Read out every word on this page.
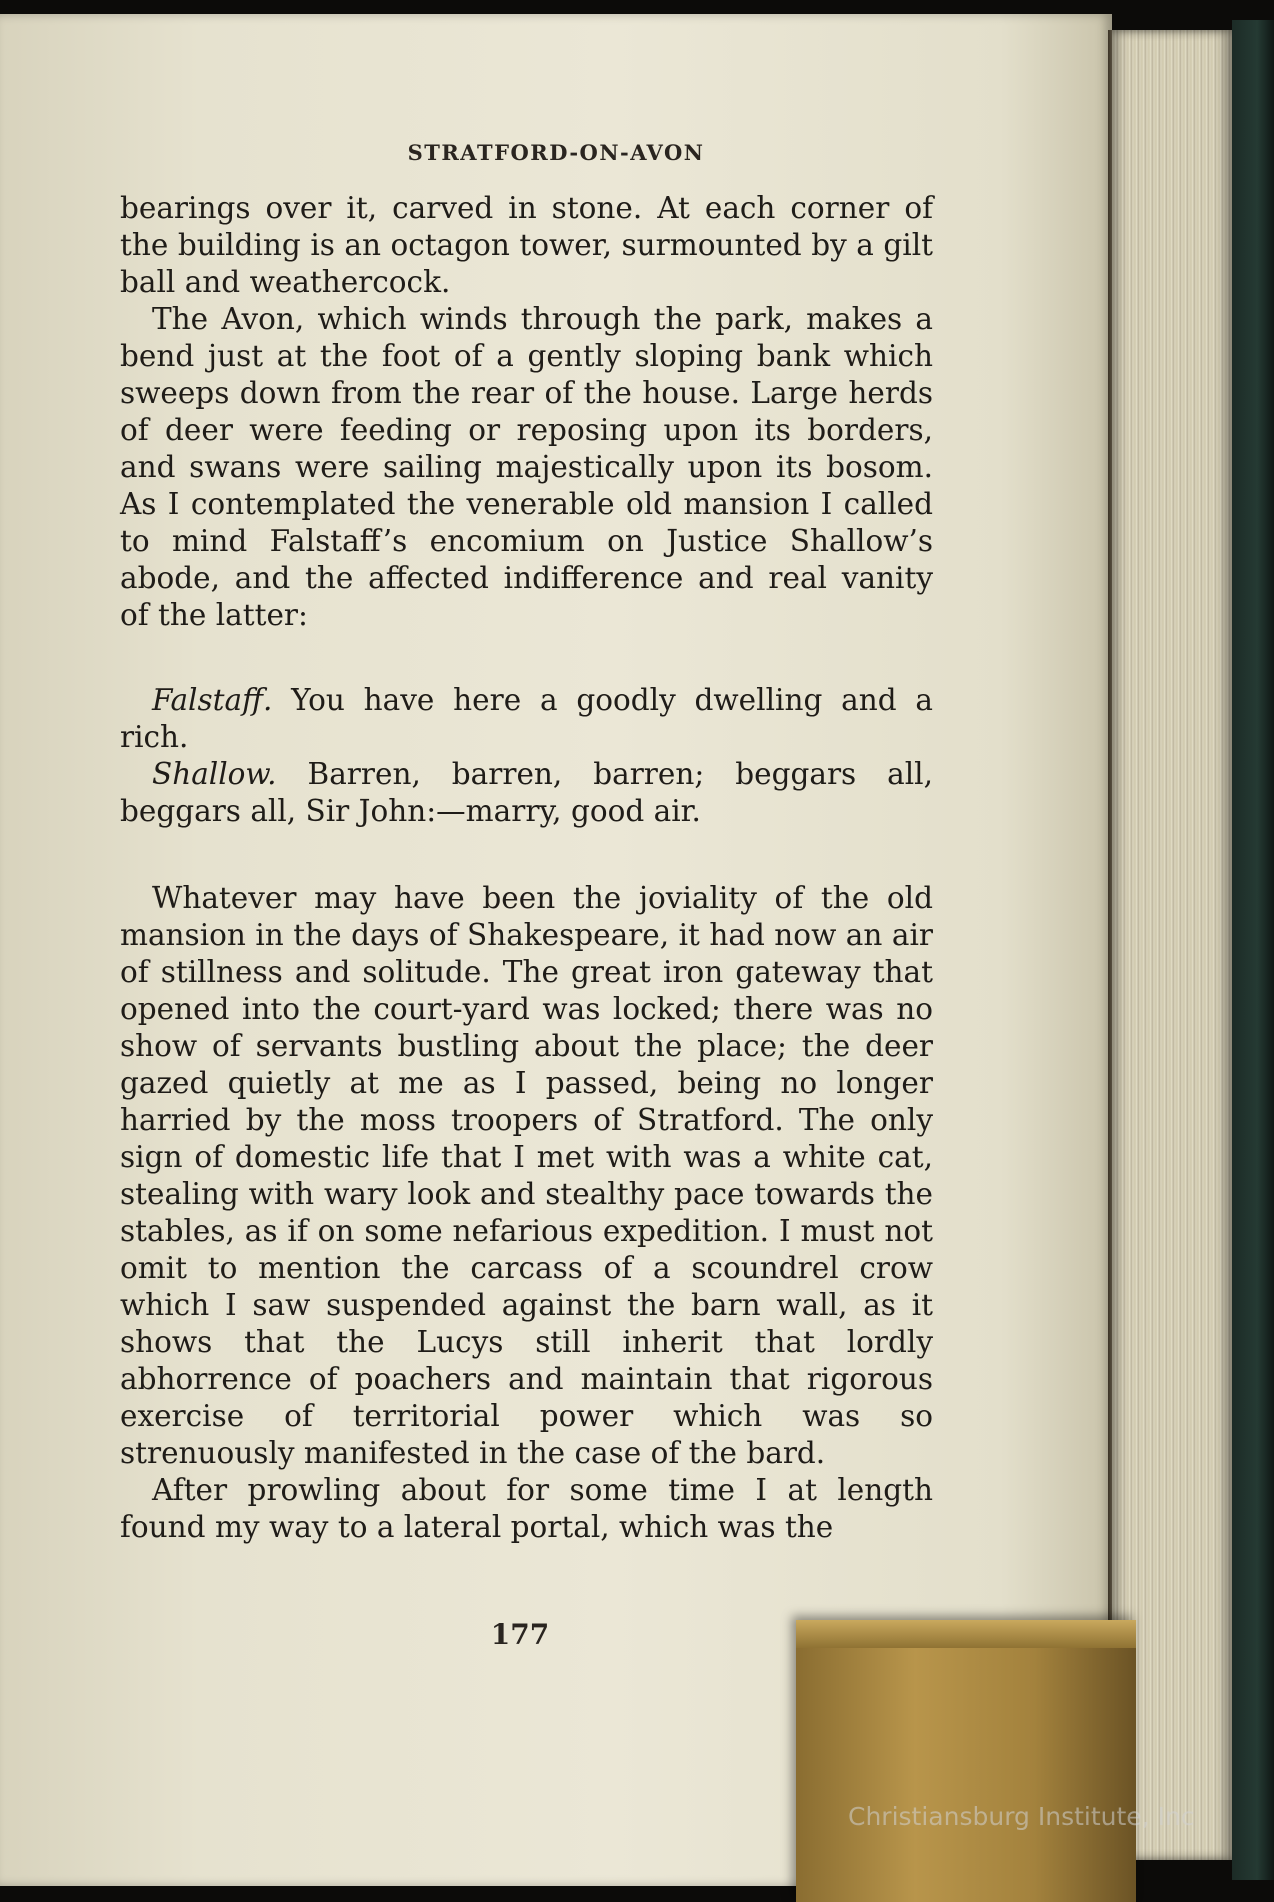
STRATFORD-ON-AVON

bearings over it, carved in stone. At each corner of the building is an octagon tower, surmounted by a gilt ball and weathercock.

The Avon, which winds through the park, makes a bend just at the foot of a gently sloping bank which sweeps down from the rear of the house. Large herds of deer were feeding or reposing upon its borders, and swans were sailing majestically upon its bosom. As I contemplated the venerable old mansion I called to mind Falstaff’s encomium on Justice Shallow’s abode, and the affected indifference and real vanity of the latter:

Falstaff. You have here a goodly dwelling and a rich.

Shallow. Barren, barren, barren; beggars all, beggars all, Sir John:—marry, good air.

Whatever may have been the joviality of the old mansion in the days of Shakespeare, it had now an air of stillness and solitude. The great iron gateway that opened into the court-yard was locked; there was no show of servants bustling about the place; the deer gazed quietly at me as I passed, being no longer harried by the moss troopers of Stratford. The only sign of domestic life that I met with was a white cat, stealing with wary look and stealthy pace towards the stables, as if on some nefarious expedition. I must not omit to mention the carcass of a scoundrel crow which I saw suspended against the barn wall, as it shows that the Lucys still inherit that lordly abhorrence of poachers and maintain that rigorous exercise of territorial power which was so strenuously manifested in the case of the bard.

After prowling about for some time I at length found my way to a lateral portal, which was the

177
Christiansburg Institute, Inc
